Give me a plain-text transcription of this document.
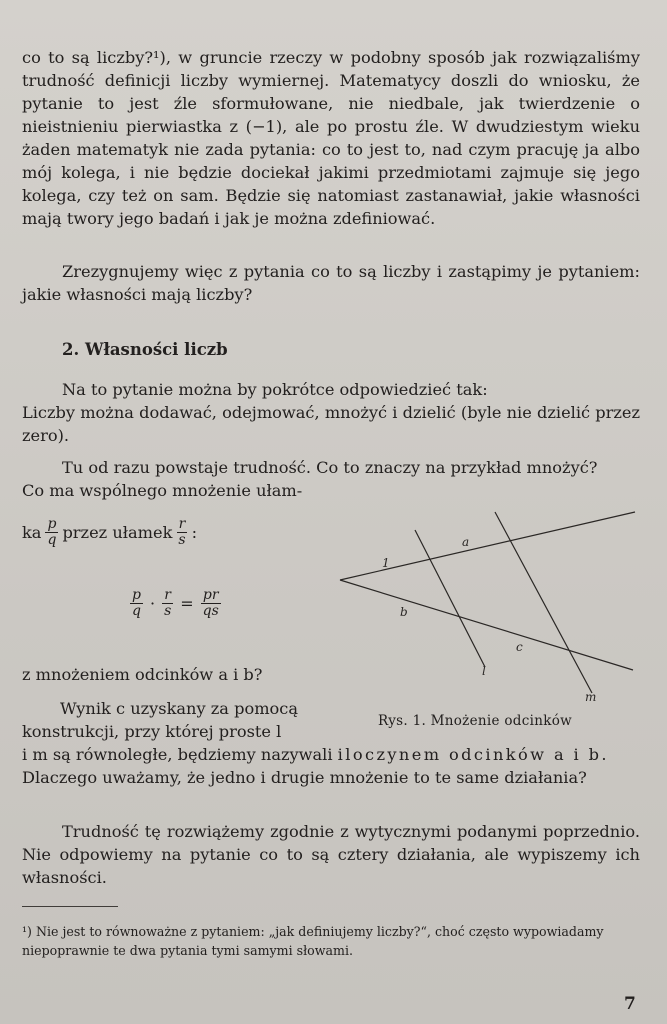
co to są liczby?¹), w gruncie rzeczy w podobny sposób jak rozwiązaliśmy trudność definicji liczby wymiernej. Matematycy doszli do wniosku, że pytanie to jest źle sformułowane, nie niedbale, jak twierdzenie o nieistnieniu pierwiastka z (−1), ale po prostu źle. W dwudziestym wieku żaden matematyk nie zada pytania: co to jest to, nad czym pracuję ja albo mój kolega, i nie będzie dociekał jakimi przedmiotami zajmuje się jego kolega, czy też on sam. Będzie się natomiast zastanawiał, jakie własności mają twory jego badań i jak je można zdefiniować.
Zrezygnujemy więc z pytania co to są liczby i zastąpimy je pytaniem: jakie własności mają liczby?
2. Własności liczb
Na to pytanie można by pokrótce odpowiedzieć tak:
Liczby można dodawać, odejmować, mnożyć i dzielić (byle nie dzielić przez zero).
Tu od razu powstaje trudność. Co to znaczy na przykład mnożyć?
Co ma wspólnego mnożenie ułam-
ka $\frac{p}{q}$ przez ułamek $\frac{r}{s}$ :
$\frac{p}{q} \cdot \frac{r}{s} = \frac{pr}{qs}$
z mnożeniem odcinków a i b?
Wynik c uzyskany za pomocą
konstrukcji, przy której proste l
1
a
b
c
l
m
Rys. 1. Mnożenie odcinków
i m są równoległe, będziemy nazywali iloczynem odcinków a i b.
Dlaczego uważamy, że jedno i drugie mnożenie to te same działania?
Trudność tę rozwiążemy zgodnie z wytycznymi podanymi poprzednio. Nie odpowiemy na pytanie co to są cztery działania, ale wypiszemy ich własności.
¹) Nie jest to równoważne z pytaniem: „jak definiujemy liczby?“, choć często wypowiadamy niepoprawnie te dwa pytania tymi samymi słowami.
7
